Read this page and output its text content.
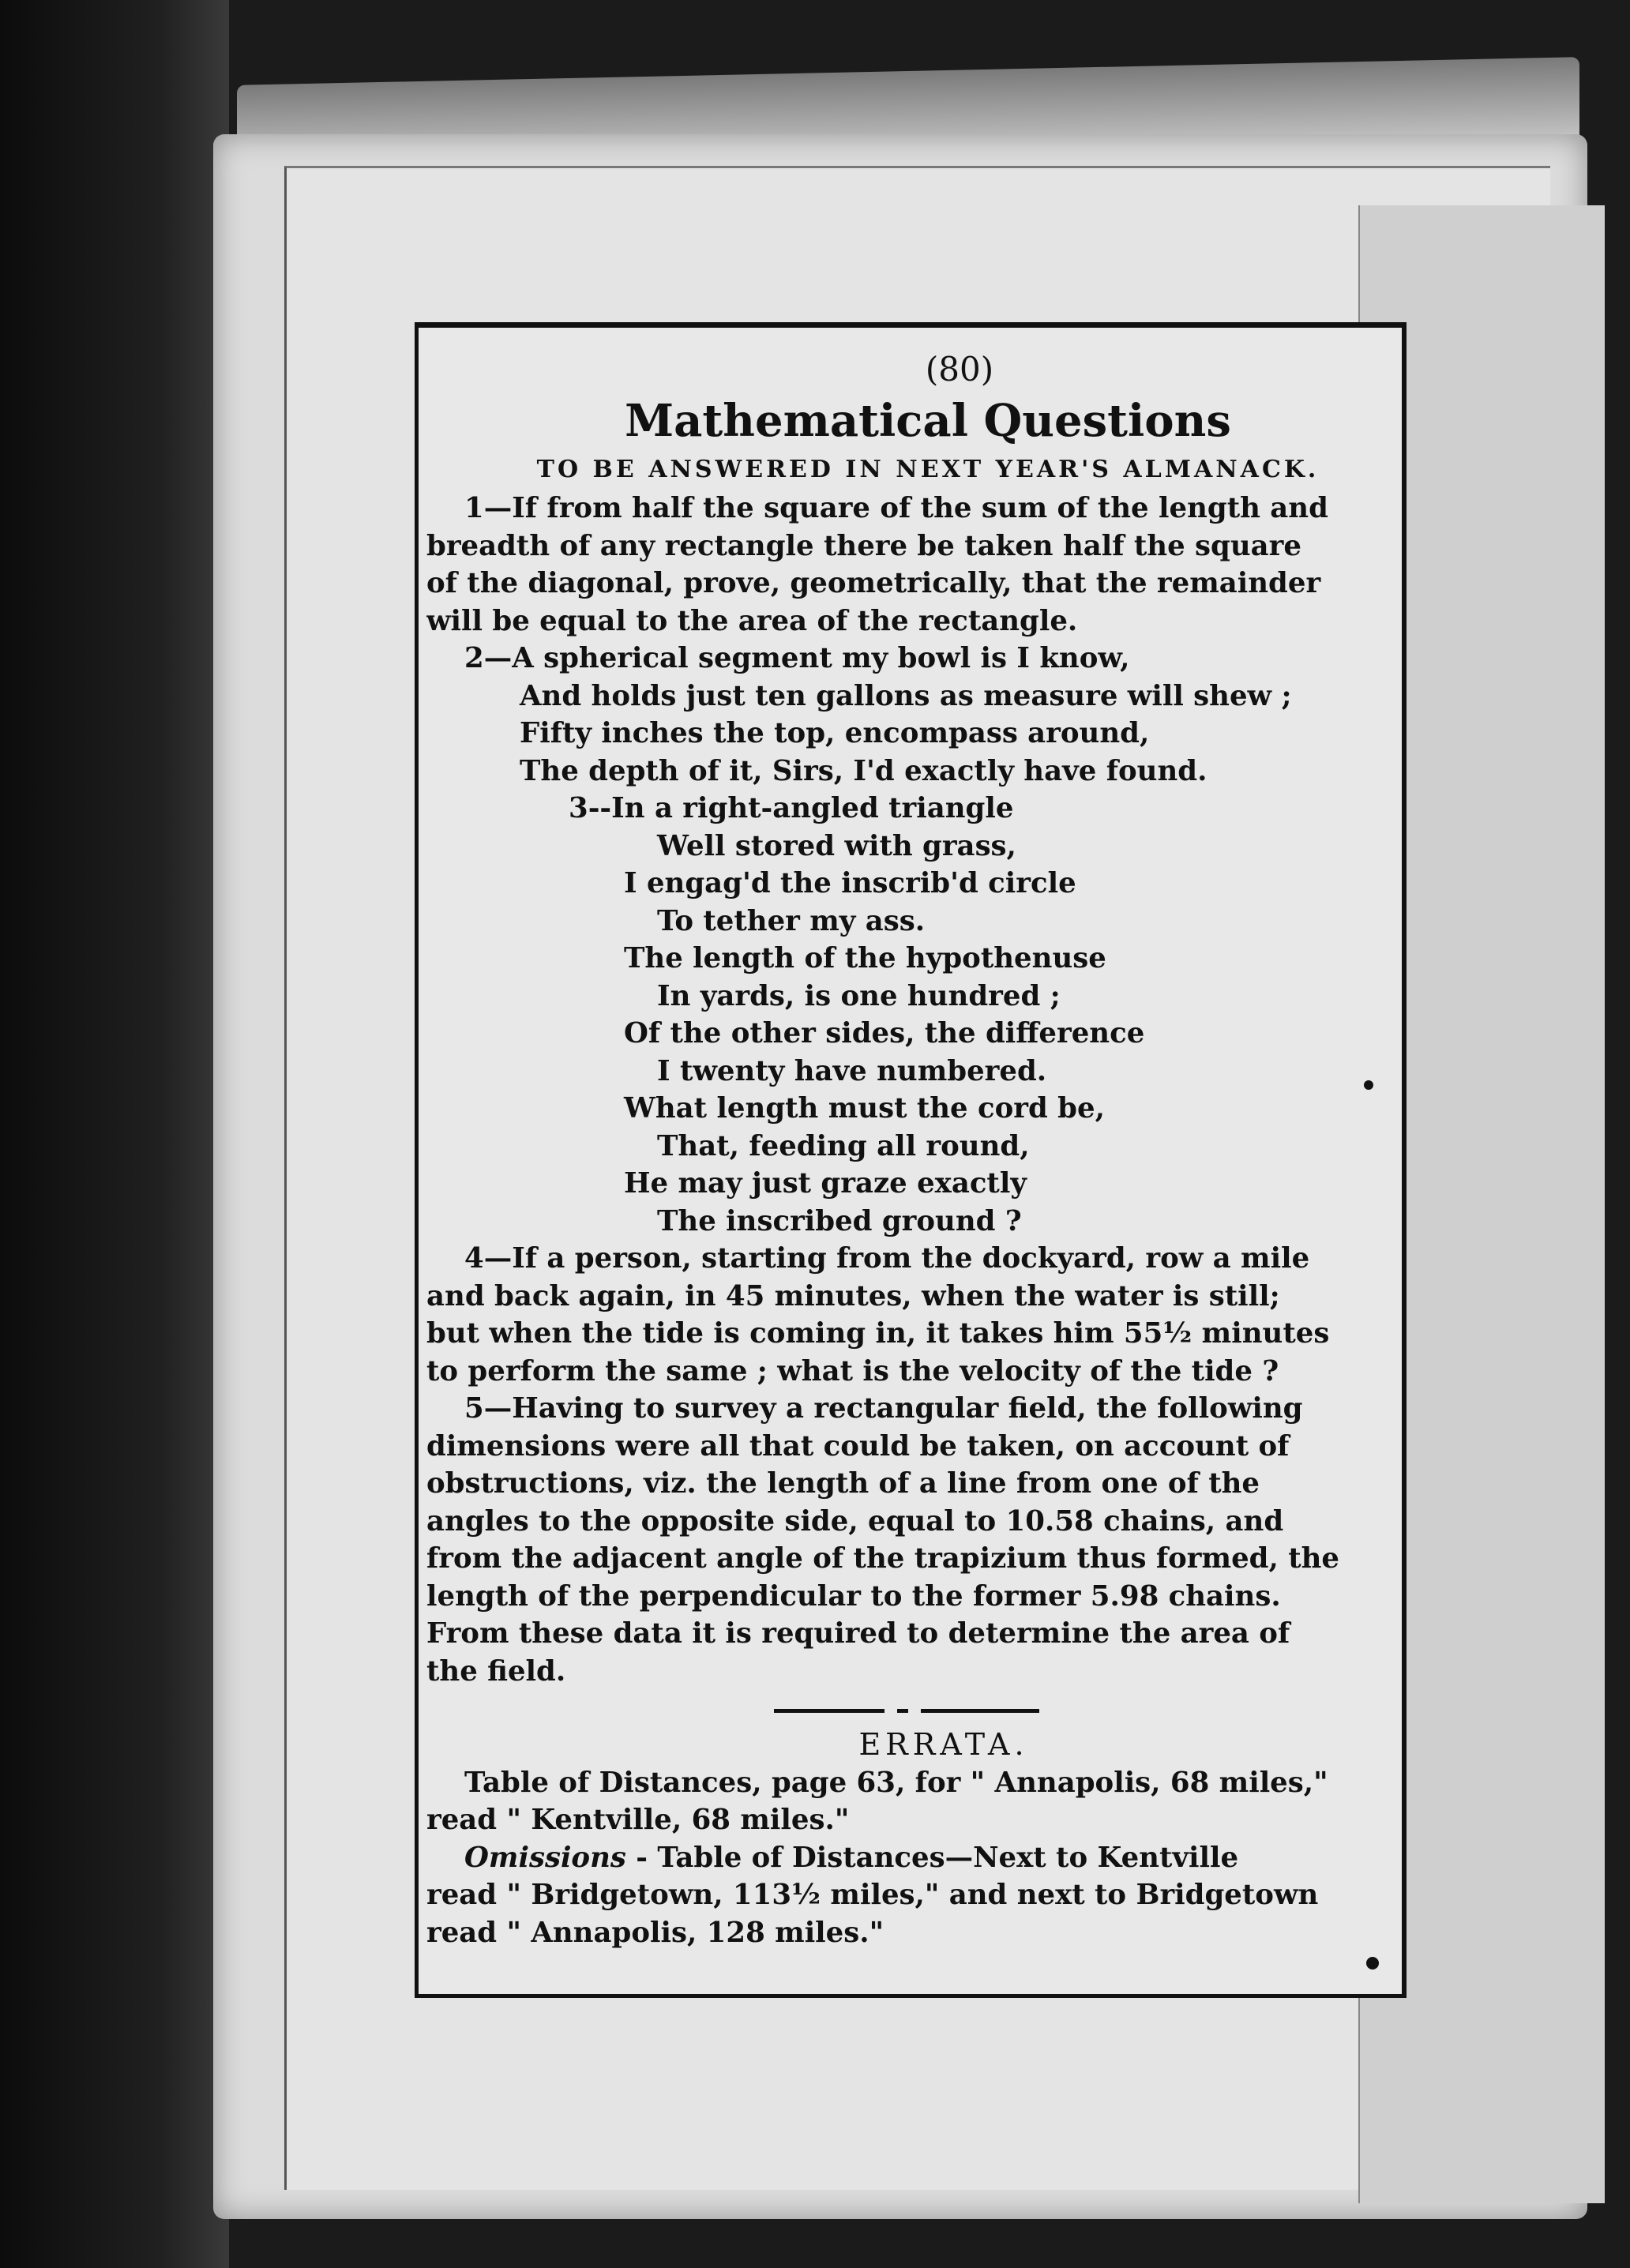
(80)
Mathematical Questions
TO BE ANSWERED IN NEXT YEAR'S ALMANACK.
1—If from half the square of the sum of the length and
breadth of any rectangle there be taken half the square
of the diagonal, prove, geometrically, that the remainder
will be equal to the area of the rectangle.
2—A spherical segment my bowl is I know,
And holds just ten gallons as measure will shew ;
Fifty inches the top, encompass around,
The depth of it, Sirs, I'd exactly have found.
3--In a right-angled triangle
Well stored with grass,
I engag'd the inscrib'd circle
To tether my ass.
The length of the hypothenuse
In yards, is one hundred ;
Of the other sides, the difference
I twenty have numbered.
What length must the cord be,
That, feeding all round,
He may just graze exactly
The inscribed ground ?
4—If a person, starting from the dockyard, row a mile
and back again, in 45 minutes, when the water is still;
but when the tide is coming in, it takes him 55½ minutes
to perform the same ; what is the velocity of the tide ?
5—Having to survey a rectangular field, the following
dimensions were all that could be taken, on account of
obstructions, viz. the length of a line from one of the
angles to the opposite side, equal to 10.58 chains, and
from the adjacent angle of the trapizium thus formed, the
length of the perpendicular to the former 5.98 chains.
From these data it is required to determine the area of
the field.
ERRATA.
Table of Distances, page 63, for " Annapolis, 68 miles,"
read " Kentville, 68 miles."
Omissions - Table of Distances—Next to Kentville
read " Bridgetown, 113½ miles," and next to Bridgetown
read " Annapolis, 128 miles."
